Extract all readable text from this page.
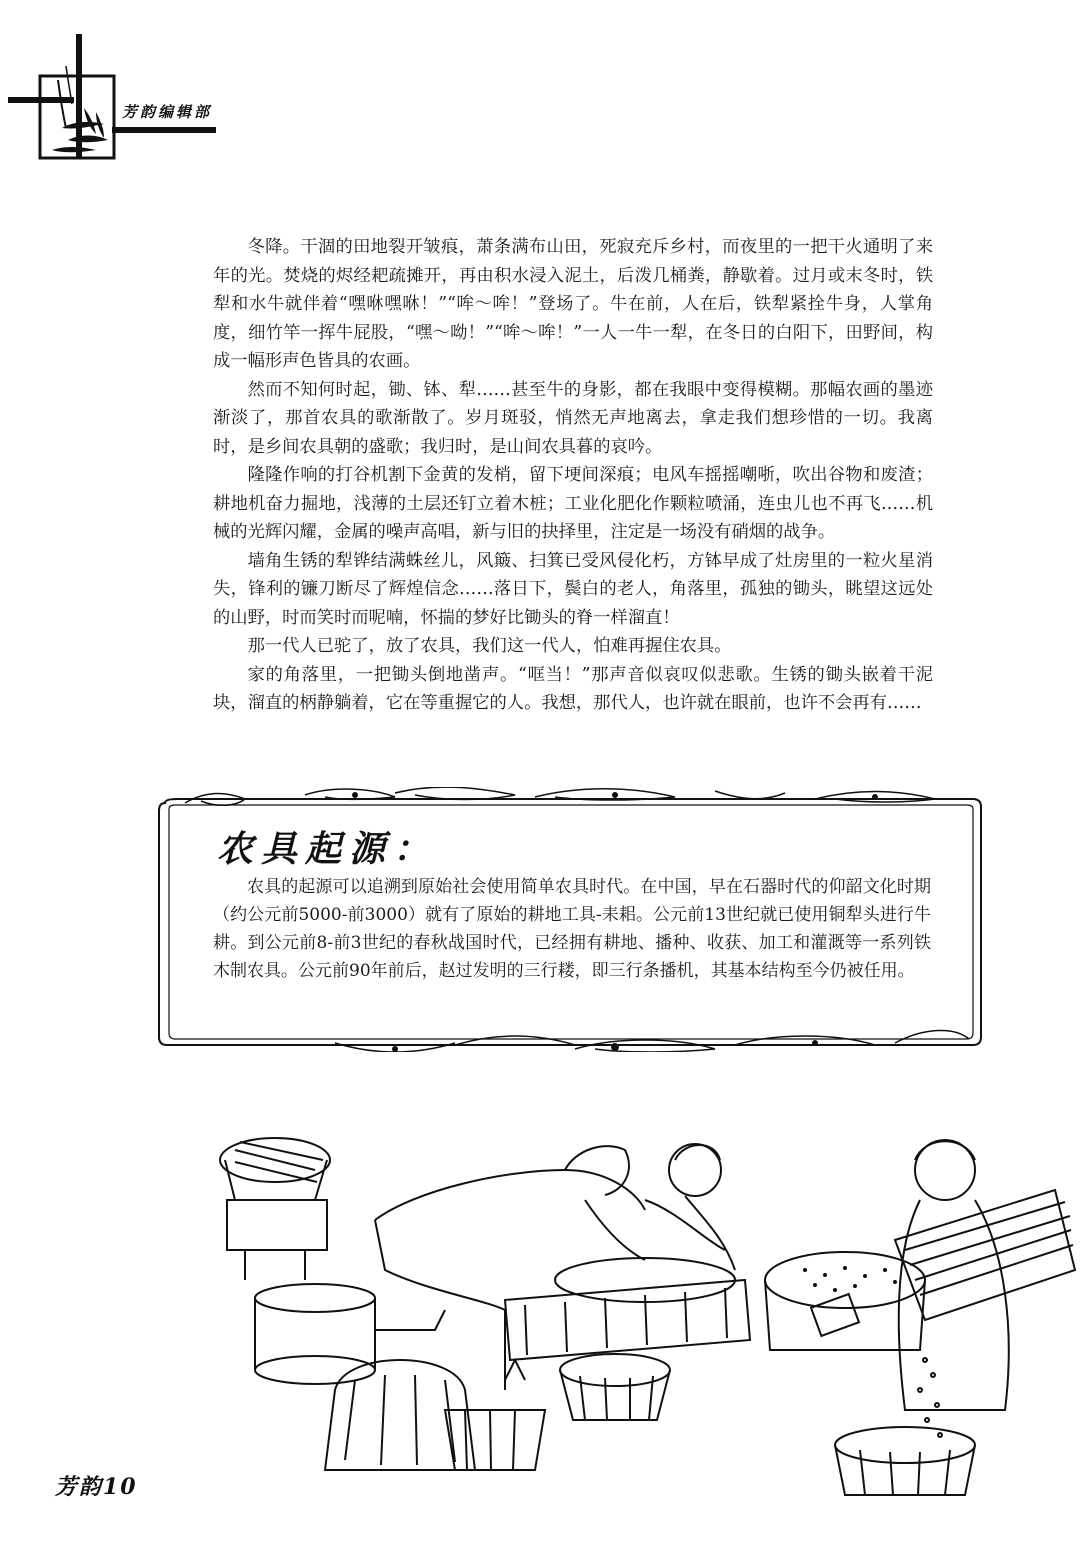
芳韵编辑部

冬降。干涸的田地裂开皱痕，萧条满布山田，死寂充斥乡村，而夜里的一把干火通明了来年的光。焚烧的烬经耙疏摊开，再由积水浸入泥土，后泼几桶粪，静歇着。过月或末冬时，铁犁和水牛就伴着“嘿咻嘿咻！”“哞～哞！”登场了。牛在前，人在后，铁犁紧拴牛身，人掌角度，细竹竿一挥牛屁股，“嘿～呦！”“哞～哞！”一人一牛一犁，在冬日的白阳下，田野间，构成一幅形声色皆具的农画。

然而不知何时起，锄、钵、犁……甚至牛的身影，都在我眼中变得模糊。那幅农画的墨迹渐淡了，那首农具的歌渐散了。岁月斑驳，悄然无声地离去，拿走我们想珍惜的一切。我离时，是乡间农具朝的盛歌；我归时，是山间农具暮的哀吟。

隆隆作响的打谷机割下金黄的发梢，留下埂间深痕；电风车摇摇嘲哳，吹出谷物和废渣；耕地机奋力掘地，浅薄的土层还钉立着木桩；工业化肥化作颗粒喷涌，连虫儿也不再飞……机械的光辉闪耀，金属的噪声高唱，新与旧的抉择里，注定是一场没有硝烟的战争。

墙角生锈的犁铧结满蛛丝儿，风簸、扫箕已受风侵化朽，方钵早成了灶房里的一粒火星消失，锋利的镰刀断尽了辉煌信念……落日下，鬓白的老人，角落里，孤独的锄头，眺望这远处的山野，时而笑时而呢喃，怀揣的梦好比锄头的脊一样溜直！

那一代人已驼了，放了农具，我们这一代人，怕难再握住农具。

家的角落里，一把锄头倒地凿声。“哐当！”那声音似哀叹似悲歌。生锈的锄头嵌着干泥块，溜直的柄静躺着，它在等重握它的人。我想，那代人，也许就在眼前，也许不会再有……

农具起源：

农具的起源可以追溯到原始社会使用简单农具时代。在中国，早在石器时代的仰韶文化时期（约公元前5000-前3000）就有了原始的耕地工具-耒耜。公元前13世纪就已使用铜犁头进行牛耕。到公元前8-前3世纪的春秋战国时代，已经拥有耕地、播种、收获、加工和灌溉等一系列铁木制农具。公元前90年前后，赵过发明的三行耧，即三行条播机，其基本结构至今仍被任用。

芳韵10
